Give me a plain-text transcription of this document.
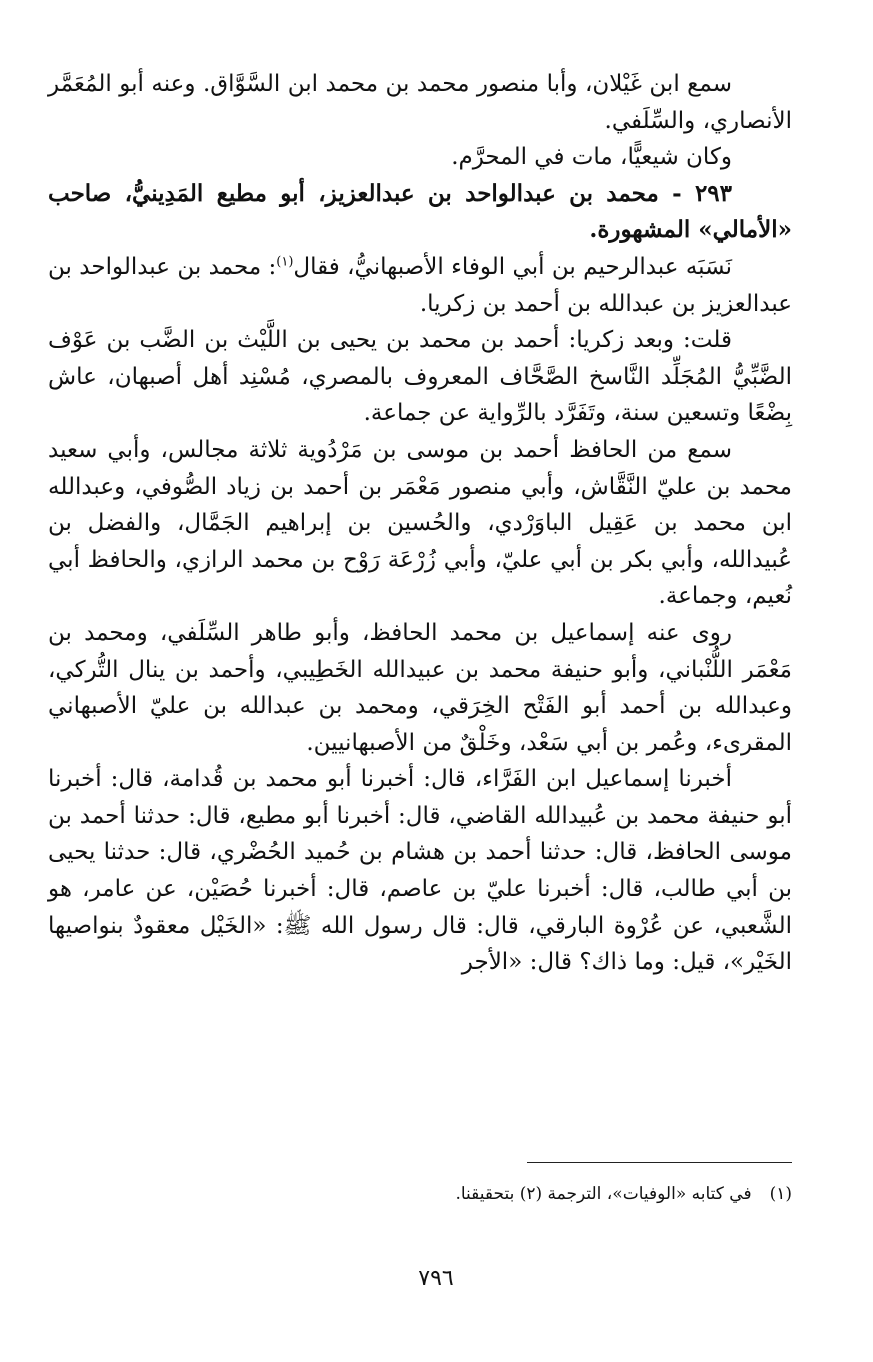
سمع ابن غَيْلان، وأبا منصور محمد بن محمد ابن السَّوَّاق. وعنه أبو المُعَمَّر الأنصاري، والسِّلَفي.

وكان شيعيًّا، مات في المحرَّم.

٢٩٣ - محمد بن عبدالواحد بن عبدالعزيز، أبو مطيع المَدِينيُّ، صاحب «الأمالي» المشهورة.

نَسَبَه عبدالرحيم بن أبي الوفاء الأصبهانيُّ، فقال$^{(١)}$: محمد بن عبدالواحد بن عبدالعزيز بن عبدالله بن أحمد بن زكريا.

قلت: وبعد زكريا: أحمد بن محمد بن يحيى بن اللَّيْث بن الضَّب بن عَوْف الضَّبِّيُّ المُجَلِّد النَّاسخ الصَّحَّاف المعروف بالمصري، مُسْنِد أهل أصبهان، عاش بِضْعًا وتسعين سنة، وتَفَرَّد بالرِّواية عن جماعة.

سمع من الحافظ أحمد بن موسى بن مَرْدُوية ثلاثة مجالس، وأبي سعيد محمد بن عليّ النَّقَّاش، وأبي منصور مَعْمَر بن أحمد بن زياد الصُّوفي، وعبدالله ابن محمد بن عَقِيل الباوَرْدي، والحُسين بن إبراهيم الجَمَّال، والفضل بن عُبيدالله، وأبي بكر بن أبي عليّ، وأبي زُرْعَة رَوْح بن محمد الرازي، والحافظ أبي نُعيم، وجماعة.

روى عنه إسماعيل بن محمد الحافظ، وأبو طاهر السِّلَفي، ومحمد بن مَعْمَر اللُّنْباني، وأبو حنيفة محمد بن عبيدالله الخَطِيبي، وأحمد بن ينال التُّركي، وعبدالله بن أحمد أبو الفَتْح الخِرَقي، ومحمد بن عبدالله بن عليّ الأصبهاني المقرىء، وعُمر بن أبي سَعْد، وخَلْقٌ من الأصبهانيين.

أخبرنا إسماعيل ابن الفَرَّاء، قال: أخبرنا أبو محمد بن قُدامة، قال: أخبرنا أبو حنيفة محمد بن عُبيدالله القاضي، قال: أخبرنا أبو مطيع، قال: حدثنا أحمد بن موسى الحافظ، قال: حدثنا أحمد بن هشام بن حُميد الحُضْري، قال: حدثنا يحيى بن أبي طالب، قال: أخبرنا عليّ بن عاصم، قال: أخبرنا حُصَيْن، عن عامر، هو الشَّعبي، عن عُرْوة البارقي، قال: قال رسول الله ﷺ: «الخَيْل معقودٌ بنواصيها الخَيْر»، قيل: وما ذاك؟ قال: «الأجر

(١)في كتابه «الوفيات»، الترجمة (٢) بتحقيقنا.
٧٩٦
